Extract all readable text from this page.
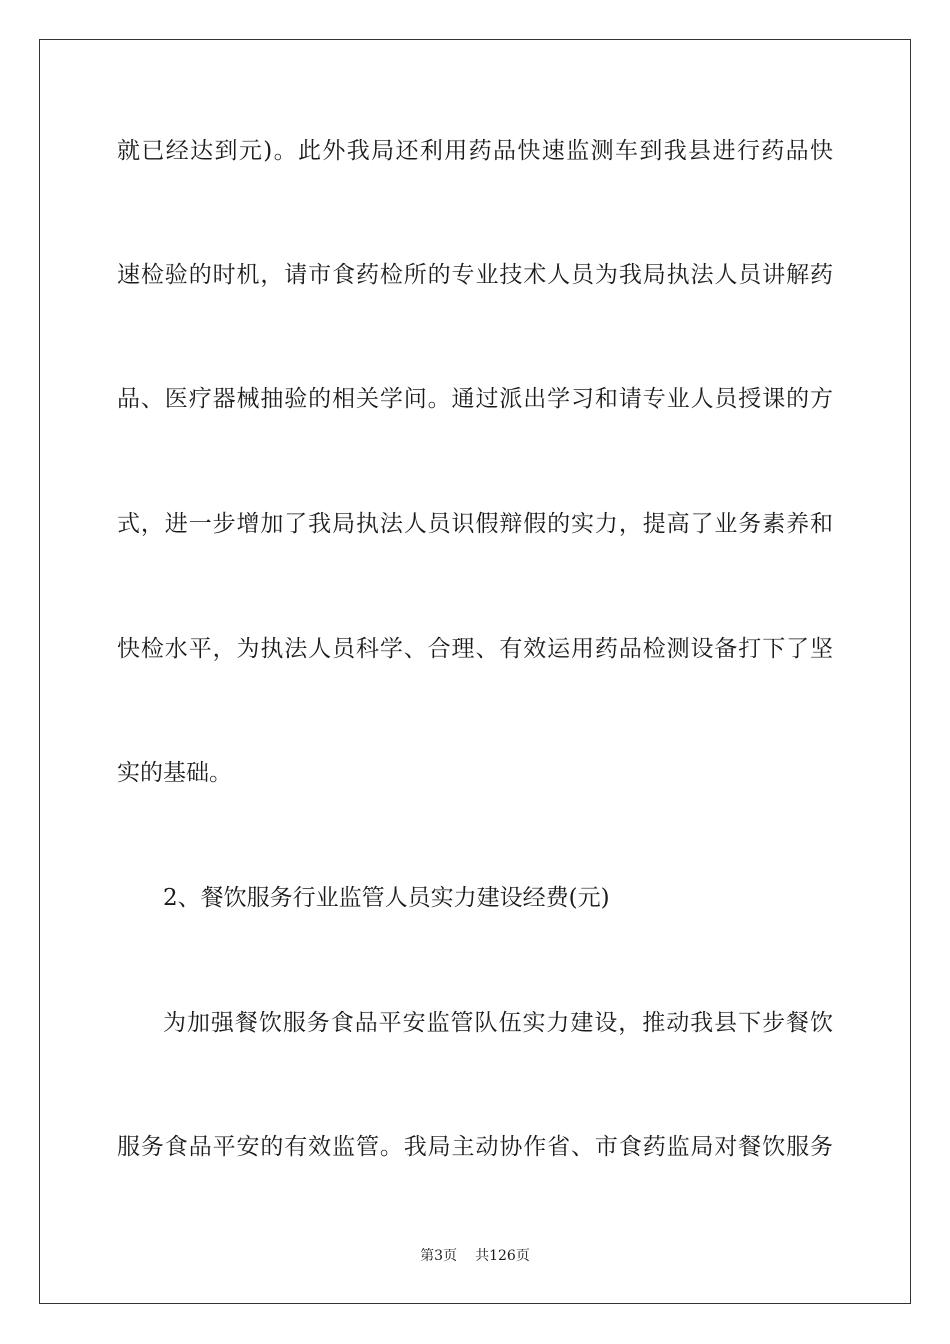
就已经达到元)。此外我局还利用药品快速监测车到我县进行药品快
速检验的时机，请市食药检所的专业技术人员为我局执法人员讲解药
品、医疗器械抽验的相关学问。通过派出学习和请专业人员授课的方
式，进一步增加了我局执法人员识假辩假的实力，提高了业务素养和
快检水平，为执法人员科学、合理、有效运用药品检测设备打下了坚
实的基础。
2、餐饮服务行业监管人员实力建设经费(元)
为加强餐饮服务食品平安监管队伍实力建设，推动我县下步餐饮
服务食品平安的有效监管。我局主动协作省、市食药监局对餐饮服务
第3页 共126页
